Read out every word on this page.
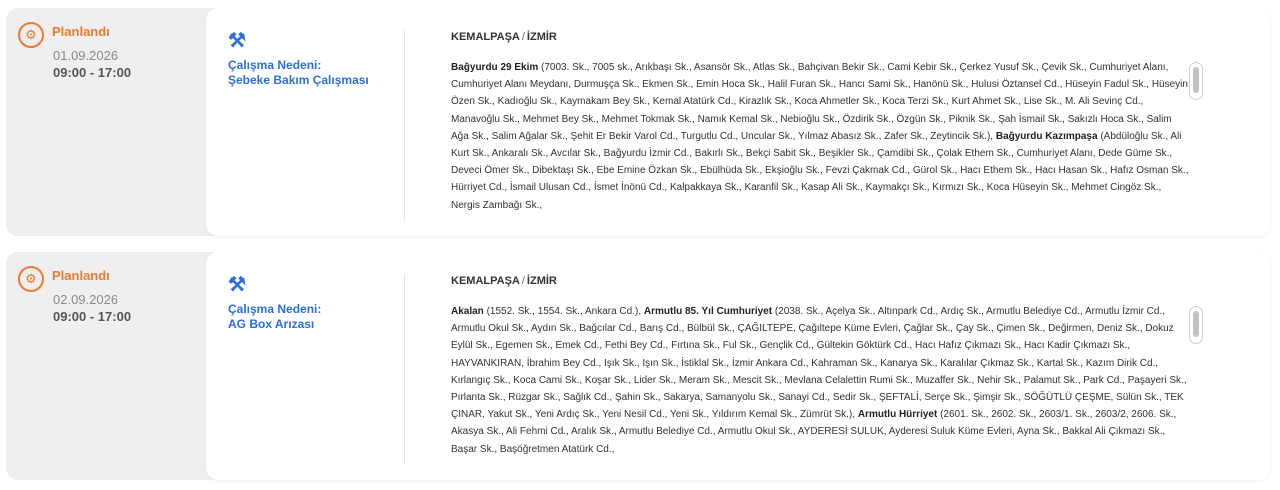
⚙	Planlandı
01.09.2026
09:00 - 17:00
⚒
Çalışma Nedeni:
Şebeke Bakım Çalışması
KEMALPAŞA / İZMİR
Bağyurdu 29 Ekim (7003. Sk., 7005 sk., Arıkbaşı Sk., Asansör Sk., Atlas Sk., Bahçivan Bekir Sk., Cami Kebir Sk., Çerkez Yusuf Sk., Çevik Sk., Cumhuriyet Alanı, Cumhuriyet Alanı Meydanı, Durmuşça Sk., Ekmen Sk., Emin Hoca Sk., Halil Furan Sk., Hancı Sami Sk., Hanönü Sk., Hulusi Öztansel Cd., Hüseyin Fadul Sk., Hüseyin Özen Sk., Kadıoğlu Sk., Kaymakam Bey Sk., Kemal Atatürk Cd., Kirazlık Sk., Koca Ahmetler Sk., Koca Terzi Sk., Kurt Ahmet Sk., Lise Sk., M. Ali Sevinç Cd., Manavoğlu Sk., Mehmet Bey Sk., Mehmet Tokmak Sk., Namık Kemal Sk., Nebioğlu Sk., Özdirik Sk., Özgün Sk., Piknik Sk., Şah İsmail Sk., Sakızlı Hoca Sk., Salim Ağa Sk., Salim Ağalar Sk., Şehit Er Bekir Varol Cd., Turgutlu Cd., Uncular Sk., Yılmaz Abasız Sk., Zafer Sk., Zeytincik Sk.), Bağyurdu Kazımpaşa (Abdüloğlu Sk., Ali Kurt Sk., Ankaralı Sk., Avcılar Sk., Bağyurdu İzmir Cd., Bakırlı Sk., Bekçi Sabit Sk., Beşikler Sk., Çamdibi Sk., Çolak Ethem Sk., Cumhuriyet Alanı, Dede Güme Sk., Deveci Ömer Sk., Dibektaşı Sk., Ebe Emine Özkan Sk., Ebülhüda Sk., Ekşioğlu Sk., Fevzi Çakmak Cd., Gürol Sk., Hacı Ethem Sk., Hacı Hasan Sk., Hafız Osman Sk., Hürriyet Cd., İsmail Ulusan Cd., İsmet İnönü Cd., Kalpakkaya Sk., Karanfil Sk., Kasap Ali Sk., Kaymakçı Sk., Kırmızı Sk., Koca Hüseyin Sk., Mehmet Cingöz Sk., Nergis Zambağı Sk.,
⚙	Planlandı
02.09.2026
09:00 - 17:00
⚒
Çalışma Nedeni:
AG Box Arızası
KEMALPAŞA / İZMİR
Akalan (1552. Sk., 1554. Sk., Ankara Cd.), Armutlu 85. Yıl Cumhuriyet (2038. Sk., Açelya Sk., Altınpark Cd., Ardıç Sk., Armutlu Belediye Cd., Armutlu İzmir Cd., Armutlu Okul Sk., Aydın Sk., Bağcılar Cd., Barış Cd., Bülbül Sk., ÇAĞILTEPE, Çağıltepe Küme Evleri, Çağlar Sk., Çay Sk., Çimen Sk., Değirmen, Deniz Sk., Dokuz Eylül Sk., Egemen Sk., Emek Cd., Fethi Bey Cd., Fırtına Sk., Ful Sk., Gençlik Cd., Gültekin Göktürk Cd., Hacı Hafız Çıkmazı Sk., Hacı Kadir Çıkmazı Sk., HAYVANKIRAN, İbrahim Bey Cd., Işık Sk., Işın Sk., İstiklal Sk., İzmir Ankara Cd., Kahraman Sk., Kanarya Sk., Karalılar Çıkmaz Sk., Kartal Sk., Kazım Dirik Cd., Kırlangıç Sk., Koca Cami Sk., Koşar Sk., Lider Sk., Meram Sk., Mescit Sk., Mevlana Celalettin Rumi Sk., Muzaffer Sk., Nehir Sk., Palamut Sk., Park Cd., Paşayeri Sk., Pırlanta Sk., Rüzgar Sk., Sağlık Cd., Şahin Sk., Sakarya, Samanyolu Sk., Sanayi Cd., Sedir Sk., ŞEFTALİ, Serçe Sk., Şimşir Sk., SÖĞÜTLÜ ÇEŞME, Sülün Sk., TEK ÇINAR, Yakut Sk., Yeni Ardıç Sk., Yeni Nesil Cd., Yeni Sk., Yıldırım Kemal Sk., Zümrüt Sk.), Armutlu Hürriyet (2601. Sk., 2602. Sk., 2603/1. Sk., 2603/2, 2606. Sk., Akasya Sk., Ali Fehmi Cd., Aralık Sk., Armutlu Belediye Cd., Armutlu Okul Sk., AYDERESİ SULUK, Ayderesi Suluk Küme Evleri, Ayna Sk., Bakkal Ali Çıkmazı Sk., Başar Sk., Başöğretmen Atatürk Cd.,
